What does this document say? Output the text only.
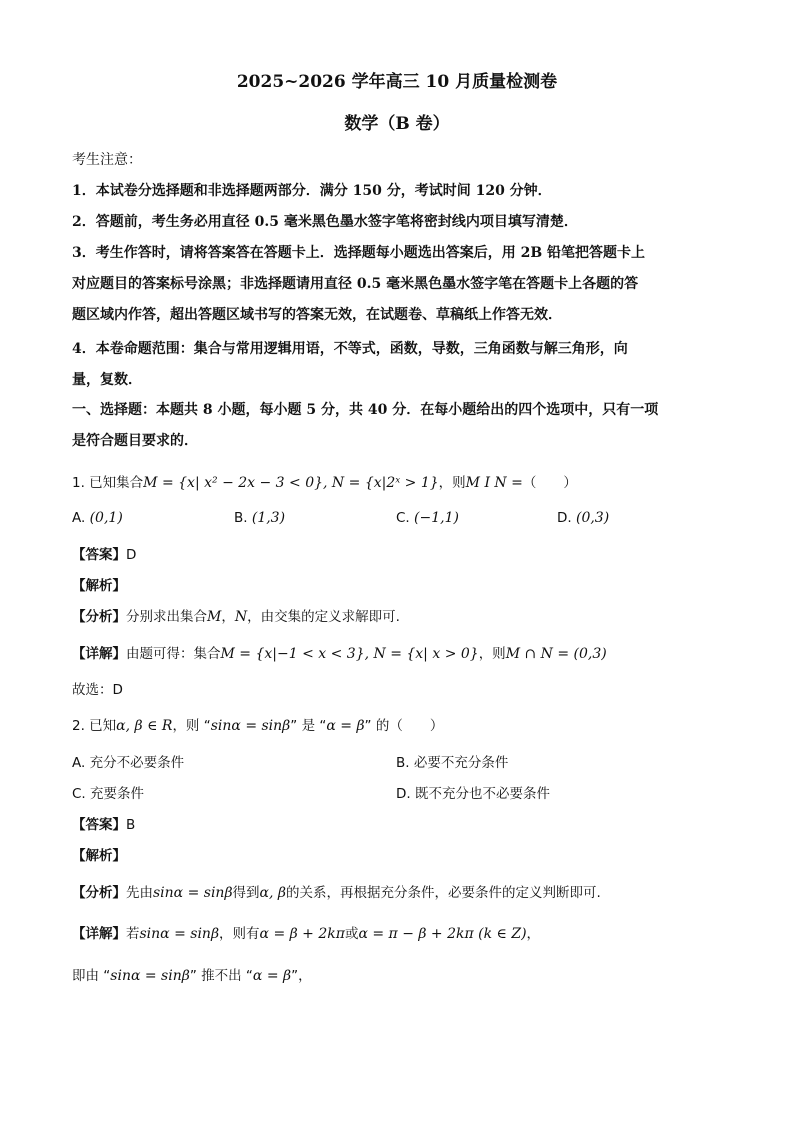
2025~2026 学年高三 10 月质量检测卷
数学（B 卷）
考生注意：
1．本试卷分选择题和非选择题两部分．满分 150 分，考试时间 120 分钟．
2．答题前，考生务必用直径 0.5 毫米黑色墨水签字笔将密封线内项目填写清楚．
3．考生作答时，请将答案答在答题卡上．选择题每小题选出答案后，用 2B 铅笔把答题卡上
对应题目的答案标号涂黑；非选择题请用直径 0.5 毫米黑色墨水签字笔在答题卡上各题的答
题区域内作答，超出答题区域书写的答案无效，在试题卷、草稿纸上作答无效．
4．本卷命题范围：集合与常用逻辑用语，不等式，函数，导数，三角函数与解三角形，向
量，复数．
一、选择题：本题共 8 小题，每小题 5 分，共 40 分．在每小题给出的四个选项中，只有一项
是符合题目要求的．
1. 已知集合M = {x| x² − 2x − 3 < 0}, N = {x|2ˣ > 1}，则M I N =（　　）
A. (0,1)	B. (1,3)	C. (−1,1)	D. (0,3)
【答案】D
【解析】
【分析】分别求出集合M，N，由交集的定义求解即可.
【详解】由题可得：集合M = {x|−1 < x < 3}, N = {x| x > 0}，则M ∩ N = (0,3)
故选：D
2. 已知α, β ∈ R，则 “sinα = sinβ” 是 “α = β” 的（　　）
A. 充分不必要条件	B. 必要不充分条件
C. 充要条件	D. 既不充分也不必要条件
【答案】B
【解析】
【分析】先由sinα = sinβ得到α, β的关系，再根据充分条件，必要条件的定义判断即可.
【详解】若sinα = sinβ，则有α = β + 2kπ或α = π − β + 2kπ (k ∈ Z)，
即由 “sinα = sinβ” 推不出 “α = β”，
